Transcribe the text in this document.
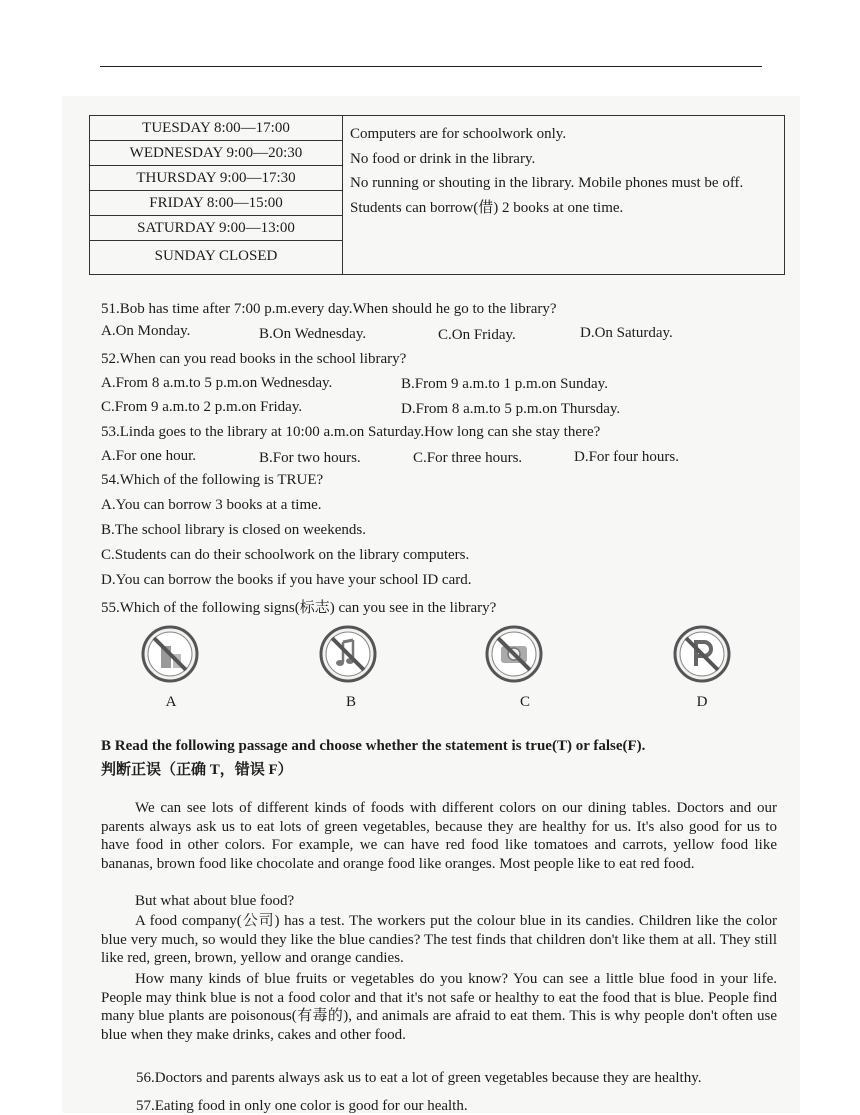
TUESDAY 8:00—17:00
WEDNESDAY 9:00—20:30
THURSDAY 9:00—17:30
FRIDAY 8:00—15:00
SATURDAY 9:00—13:00
SUNDAY CLOSED
Computers are for schoolwork only.
No food or drink in the library.
No running or shouting in the library. Mobile phones must be off.
Students can borrow(借) 2 books at one time.
51.Bob has time after 7:00 p.m.every day.When should he go to the library?
A.On Monday.	B.On Wednesday.	C.On Friday.	D.On Saturday.
52.When can you read books in the school library?
A.From 8 a.m.to 5 p.m.on Wednesday.	B.From 9 a.m.to 1 p.m.on Sunday.
C.From 9 a.m.to 2 p.m.on Friday.	D.From 8 a.m.to 5 p.m.on Thursday.
53.Linda goes to the library at 10:00 a.m.on Saturday.How long can she stay there?
A.For one hour.	B.For two hours.	C.For three hours.	D.For four hours.
54.Which of the following is TRUE?
A.You can borrow 3 books at a time.
B.The school library is closed on weekends.
C.Students can do their schoolwork on the library computers.
D.You can borrow the books if you have your school ID card.
55.Which of the following signs(标志) can you see in the library?
A	B	C	D
B Read the following passage and choose whether the statement is true(T) or false(F).
判断正误（正确 T，错误 F）
We can see lots of different kinds of foods with different colors on our dining tables. Doctors and our parents always ask us to eat lots of green vegetables, because they are healthy for us. It's also good for us to have food in other colors. For example, we can have red food like tomatoes and carrots, yellow food like bananas, brown food like chocolate and orange food like oranges. Most people like to eat red food.
But what about blue food?
A food company(公司) has a test. The workers put the colour blue in its candies. Children like the color blue very much, so would they like the blue candies? The test finds that children don't like them at all. They still like red, green, brown, yellow and orange candies.
How many kinds of blue fruits or vegetables do you know? You can see a little blue food in your life. People may think blue is not a food color and that it's not safe or healthy to eat the food that is blue. People find many blue plants are poisonous(有毒的), and animals are afraid to eat them. This is why people don't often use blue when they make drinks, cakes and other food.
56.Doctors and parents always ask us to eat a lot of green vegetables because they are healthy.
57.Eating food in only one color is good for our health.
